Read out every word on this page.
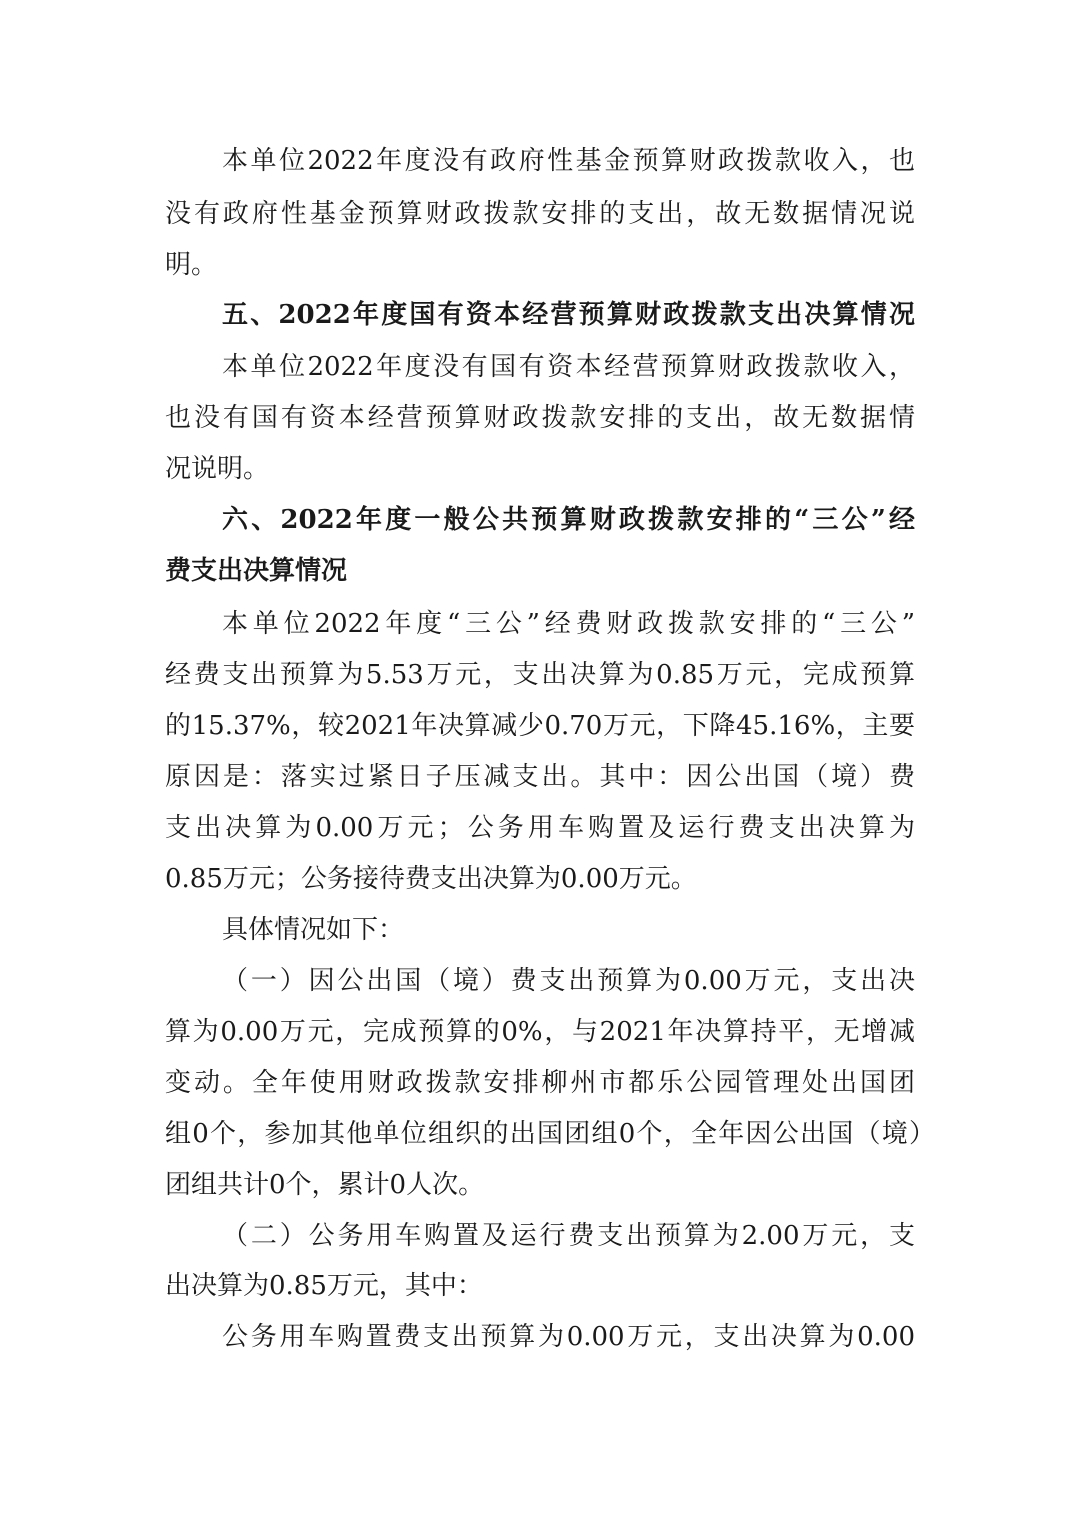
本单位2022年度没有政府性基金预算财政拨款收入，也
没有政府性基金预算财政拨款安排的支出，故无数据情况说
明。
五、2022年度国有资本经营预算财政拨款支出决算情况
本单位2022年度没有国有资本经营预算财政拨款收入，
也没有国有资本经营预算财政拨款安排的支出，故无数据情
况说明。
六、2022年度一般公共预算财政拨款安排的“三公”经
费支出决算情况
本单位2022年度“三公”经费财政拨款安排的“三公”
经费支出预算为5.53万元，支出决算为0.85万元，完成预算
的15.37%，较2021年决算减少0.70万元，下降45.16%，主要
原因是：落实过紧日子压减支出。其中：因公出国（境）费
支出决算为0.00万元；公务用车购置及运行费支出决算为
0.85万元；公务接待费支出决算为0.00万元。
具体情况如下：
（一）因公出国（境）费支出预算为0.00万元，支出决
算为0.00万元，完成预算的0%，与2021年决算持平，无增减
变动。全年使用财政拨款安排柳州市都乐公园管理处出国团
组0个，参加其他单位组织的出国团组0个，全年因公出国（境）
团组共计0个，累计0人次。
（二）公务用车购置及运行费支出预算为2.00万元，支
出决算为0.85万元，其中：
公务用车购置费支出预算为0.00万元，支出决算为0.00
